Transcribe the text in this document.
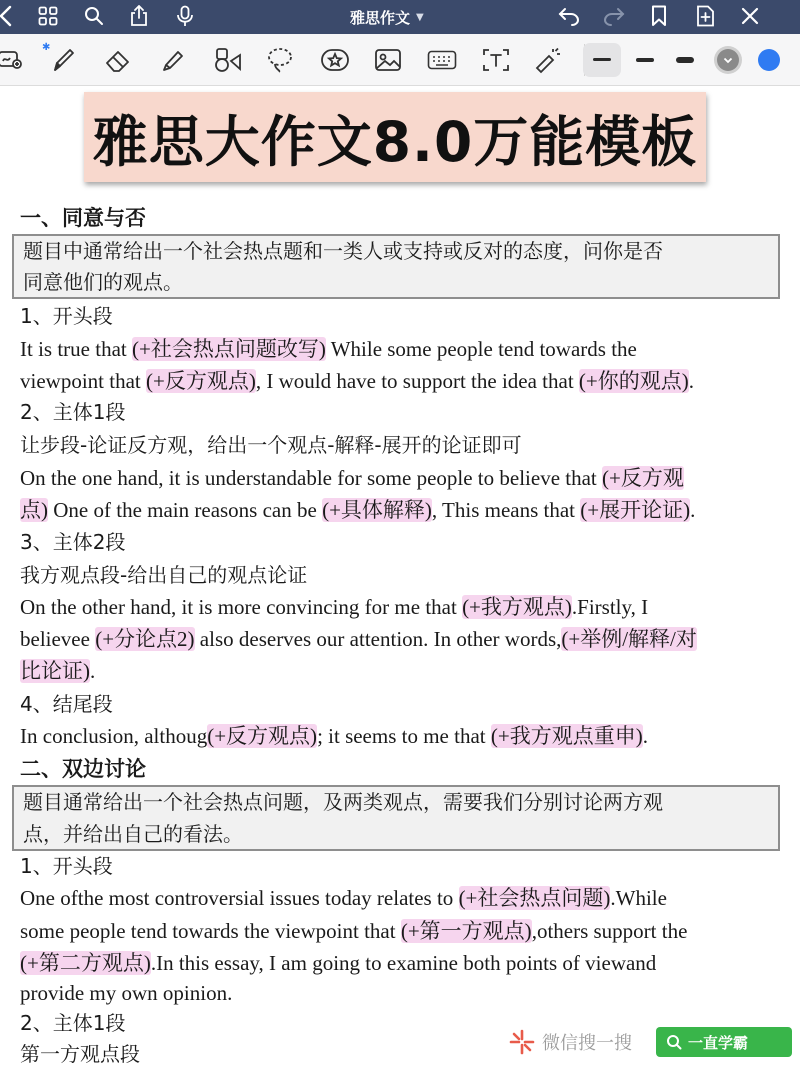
雅思作文 ▼
✱
雅思大作文8.0万能模板
一、同意与否
题目中通常给出一个社会热点题和一类人或支持或反对的态度，问你是否
同意他们的观点。
1、开头段
It is true that (+社会热点问题改写) While some people tend towards the
viewpoint that (+反方观点), I would have to support the idea that (+你的观点).
2、主体1段
让步段-论证反方观，给出一个观点-解释-展开的论证即可
On the one hand, it is understandable for some people to believe that (+反方观
点) One of the main reasons can be (+具体解释), This means that (+展开论证).
3、主体2段
我方观点段-给出自己的观点论证
On the other hand, it is more convincing for me that (+我方观点).Firstly, I
believee (+分论点2) also deserves our attention. In other words,(+举例/解释/对
比论证).
4、结尾段
In conclusion, althoug(+反方观点); it seems to me that (+我方观点重申).
二、双边讨论
题目通常给出一个社会热点问题，及两类观点，需要我们分别讨论两方观
点，并给出自己的看法。
1、开头段
One ofthe most controversial issues today relates to (+社会热点问题).While
some people tend towards the viewpoint that (+第一方观点),others support the
(+第二方观点).In this essay, I am going to examine both points of viewand
provide my own opinion.
2、主体1段
第一方观点段	微信搜一搜	一直学霸
